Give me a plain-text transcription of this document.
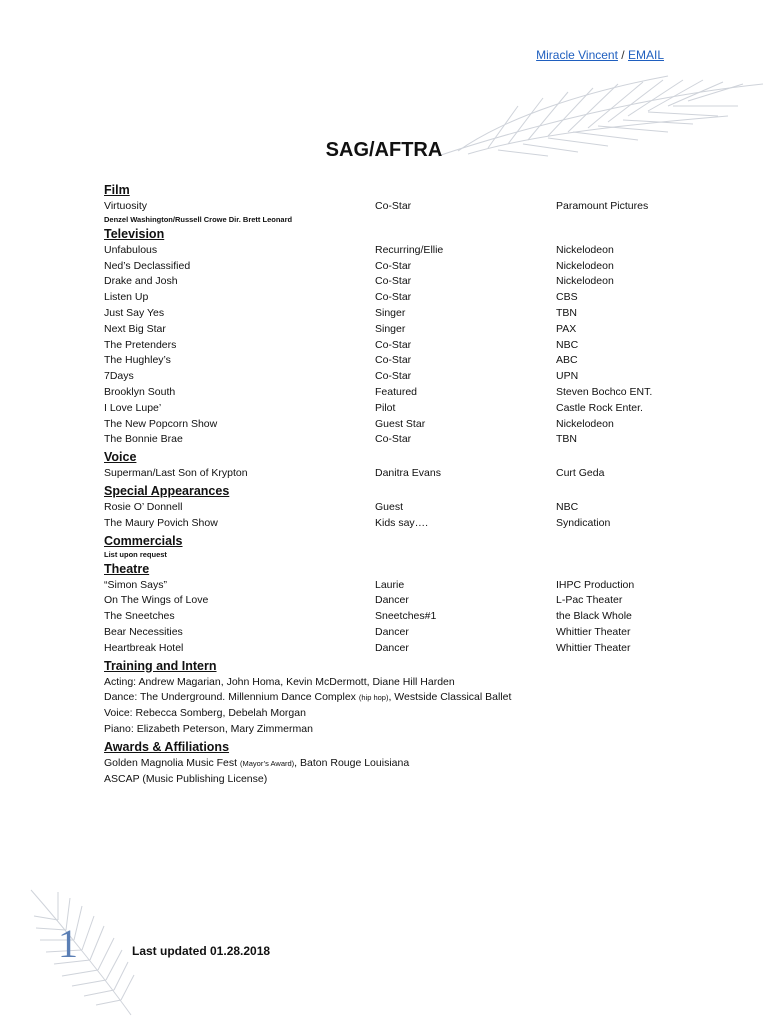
Miracle Vincent / EMAIL
SAG/AFTRA
Film
Virtuosity	Co-Star	Paramount Pictures
Denzel Washington/Russell Crowe Dir. Brett Leonard
Television
Unfabulous	Recurring/Ellie	Nickelodeon
Ned’s Declassified	Co-Star	Nickelodeon
Drake and Josh	Co-Star	Nickelodeon
Listen Up	Co-Star	CBS
Just Say Yes	Singer	TBN
Next Big Star	Singer	PAX
The Pretenders	Co-Star	NBC
The Hughley’s	Co-Star	ABC
7Days	Co-Star	UPN
Brooklyn South	Featured	Steven Bochco ENT.
I Love Lupe’	Pilot	Castle Rock Enter.
The New Popcorn Show	Guest Star	Nickelodeon
The Bonnie Brae	Co-Star	TBN
Voice
Superman/Last Son of Krypton	Danitra Evans	Curt Geda
Special Appearances
Rosie O’ Donnell	Guest	NBC
The Maury Povich Show	Kids say….	Syndication
Commercials
List upon request
Theatre
“Simon Says”	Laurie	IHPC Production
On The Wings of Love	Dancer	L-Pac Theater
The Sneetches	Sneetches#1	the Black Whole
Bear Necessities	Dancer	Whittier Theater
Heartbreak Hotel	Dancer	Whittier Theater
Training and Intern
Acting: Andrew Magarian, John Homa, Kevin McDermott, Diane Hill Harden
Dance: The Underground. Millennium Dance Complex (hip hop), Westside Classical Ballet
Voice: Rebecca Somberg, Debelah Morgan
Piano: Elizabeth Peterson, Mary Zimmerman
Awards & Affiliations
Golden Magnolia Music Fest (Mayor’s Award), Baton Rouge Louisiana
ASCAP (Music Publishing License)
1	Last updated 01.28.2018
